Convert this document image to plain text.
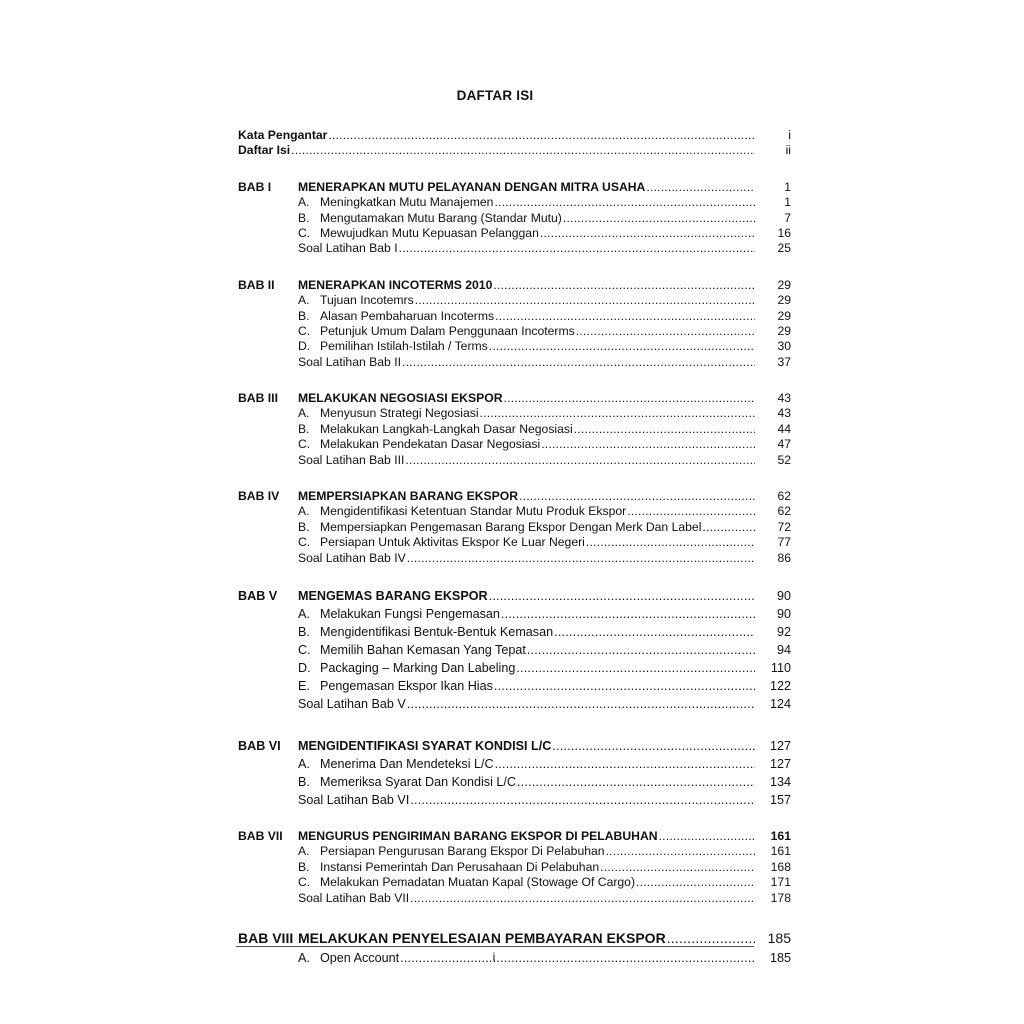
DAFTAR ISI
Kata Pengantar .....	i
Daftar Isi .....	ii
BAB I MENERAPKAN MUTU PELAYANAN DENGAN MITRA USAHA .....	1
A. Meningkatkan Mutu Manajemen .....	1
B. Mengutamakan Mutu Barang (Standar Mutu) .....	7
C. Mewujudkan Mutu Kepuasan Pelanggan .....	16
Soal Latihan Bab I .....	25
BAB II MENERAPKAN INCOTERMS 2010 .....	29
A. Tujuan Incotemrs .....	29
B. Alasan Pembaharuan Incoterms .....	29
C. Petunjuk Umum Dalam Penggunaan Incoterms .....	29
D. Pemilihan Istilah-Istilah / Terms .....	30
Soal Latihan Bab II .....	37
BAB III MELAKUKAN NEGOSIASI EKSPOR .....	43
A. Menyusun Strategi Negosiasi .....	43
B. Melakukan Langkah-Langkah Dasar Negosiasi .....	44
C. Melakukan Pendekatan Dasar Negosiasi .....	47
Soal Latihan Bab III .....	52
BAB IV MEMPERSIAPKAN BARANG EKSPOR .....	62
A. Mengidentifikasi Ketentuan Standar Mutu Produk Ekspor .....	62
B. Mempersiapkan Pengemasan Barang Ekspor Dengan Merk Dan Label .....	72
C. Persiapan Untuk Aktivitas Ekspor Ke Luar Negeri .....	77
Soal Latihan Bab IV .....	86
BAB V MENGEMAS BARANG EKSPOR .....	90
A. Melakukan Fungsi Pengemasan .....	90
B. Mengidentifikasi Bentuk-Bentuk Kemasan .....	92
C. Memilih Bahan Kemasan Yang Tepat .....	94
D. Packaging – Marking Dan Labeling .....	110
E. Pengemasan Ekspor Ikan Hias .....	122
Soal Latihan Bab V .....	124
BAB VI MENGIDENTIFIKASI SYARAT KONDISI L/C .....	127
A. Menerima Dan Mendeteksi L/C .....	127
B. Memeriksa Syarat Dan Kondisi L/C .....	134
Soal Latihan Bab VI .....	157
BAB VII MENGURUS PENGIRIMAN BARANG EKSPOR DI PELABUHAN .....	161
A. Persiapan Pengurusan Barang Ekspor Di Pelabuhan .....	161
B. Instansi Pemerintah Dan Perusahaan Di Pelabuhan .....	168
C. Melakukan Pemadatan Muatan Kapal (Stowage Of Cargo) .....	171
Soal Latihan Bab VII .....	178
BAB VIII MELAKUKAN PENYELESAIAN PEMBAYARAN EKSPOR .....	185
A. Open Account .....	185
i
